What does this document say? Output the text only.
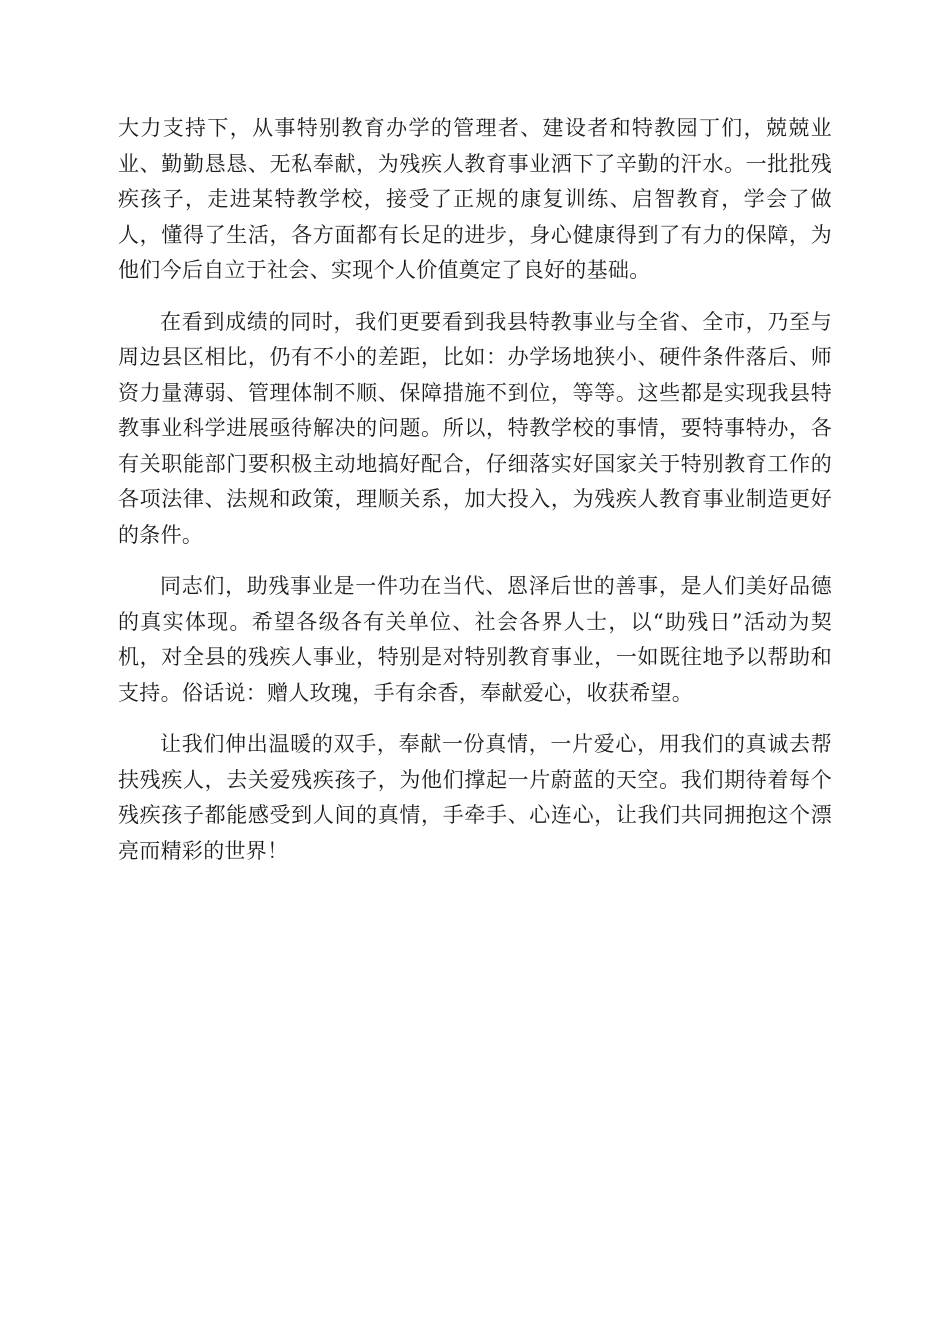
大力支持下，从事特别教育办学的管理者、建设者和特教园丁们，兢兢业业、勤勤恳恳、无私奉献，为残疾人教育事业洒下了辛勤的汗水。一批批残疾孩子，走进某特教学校，接受了正规的康复训练、启智教育，学会了做人，懂得了生活，各方面都有长足的进步，身心健康得到了有力的保障，为他们今后自立于社会、实现个人价值奠定了良好的基础。

在看到成绩的同时，我们更要看到我县特教事业与全省、全市，乃至与周边县区相比，仍有不小的差距，比如：办学场地狭小、硬件条件落后、师资力量薄弱、管理体制不顺、保障措施不到位，等等。这些都是实现我县特教事业科学进展亟待解决的问题。所以，特教学校的事情，要特事特办，各有关职能部门要积极主动地搞好配合，仔细落实好国家关于特别教育工作的各项法律、法规和政策，理顺关系，加大投入，为残疾人教育事业制造更好的条件。

同志们，助残事业是一件功在当代、恩泽后世的善事，是人们美好品德的真实体现。希望各级各有关单位、社会各界人士，以“助残日”活动为契机，对全县的残疾人事业，特别是对特别教育事业，一如既往地予以帮助和支持。俗话说：赠人玫瑰，手有余香，奉献爱心，收获希望。

让我们伸出温暖的双手，奉献一份真情，一片爱心，用我们的真诚去帮扶残疾人，去关爱残疾孩子，为他们撑起一片蔚蓝的天空。我们期待着每个残疾孩子都能感受到人间的真情，手牵手、心连心，让我们共同拥抱这个漂亮而精彩的世界！
